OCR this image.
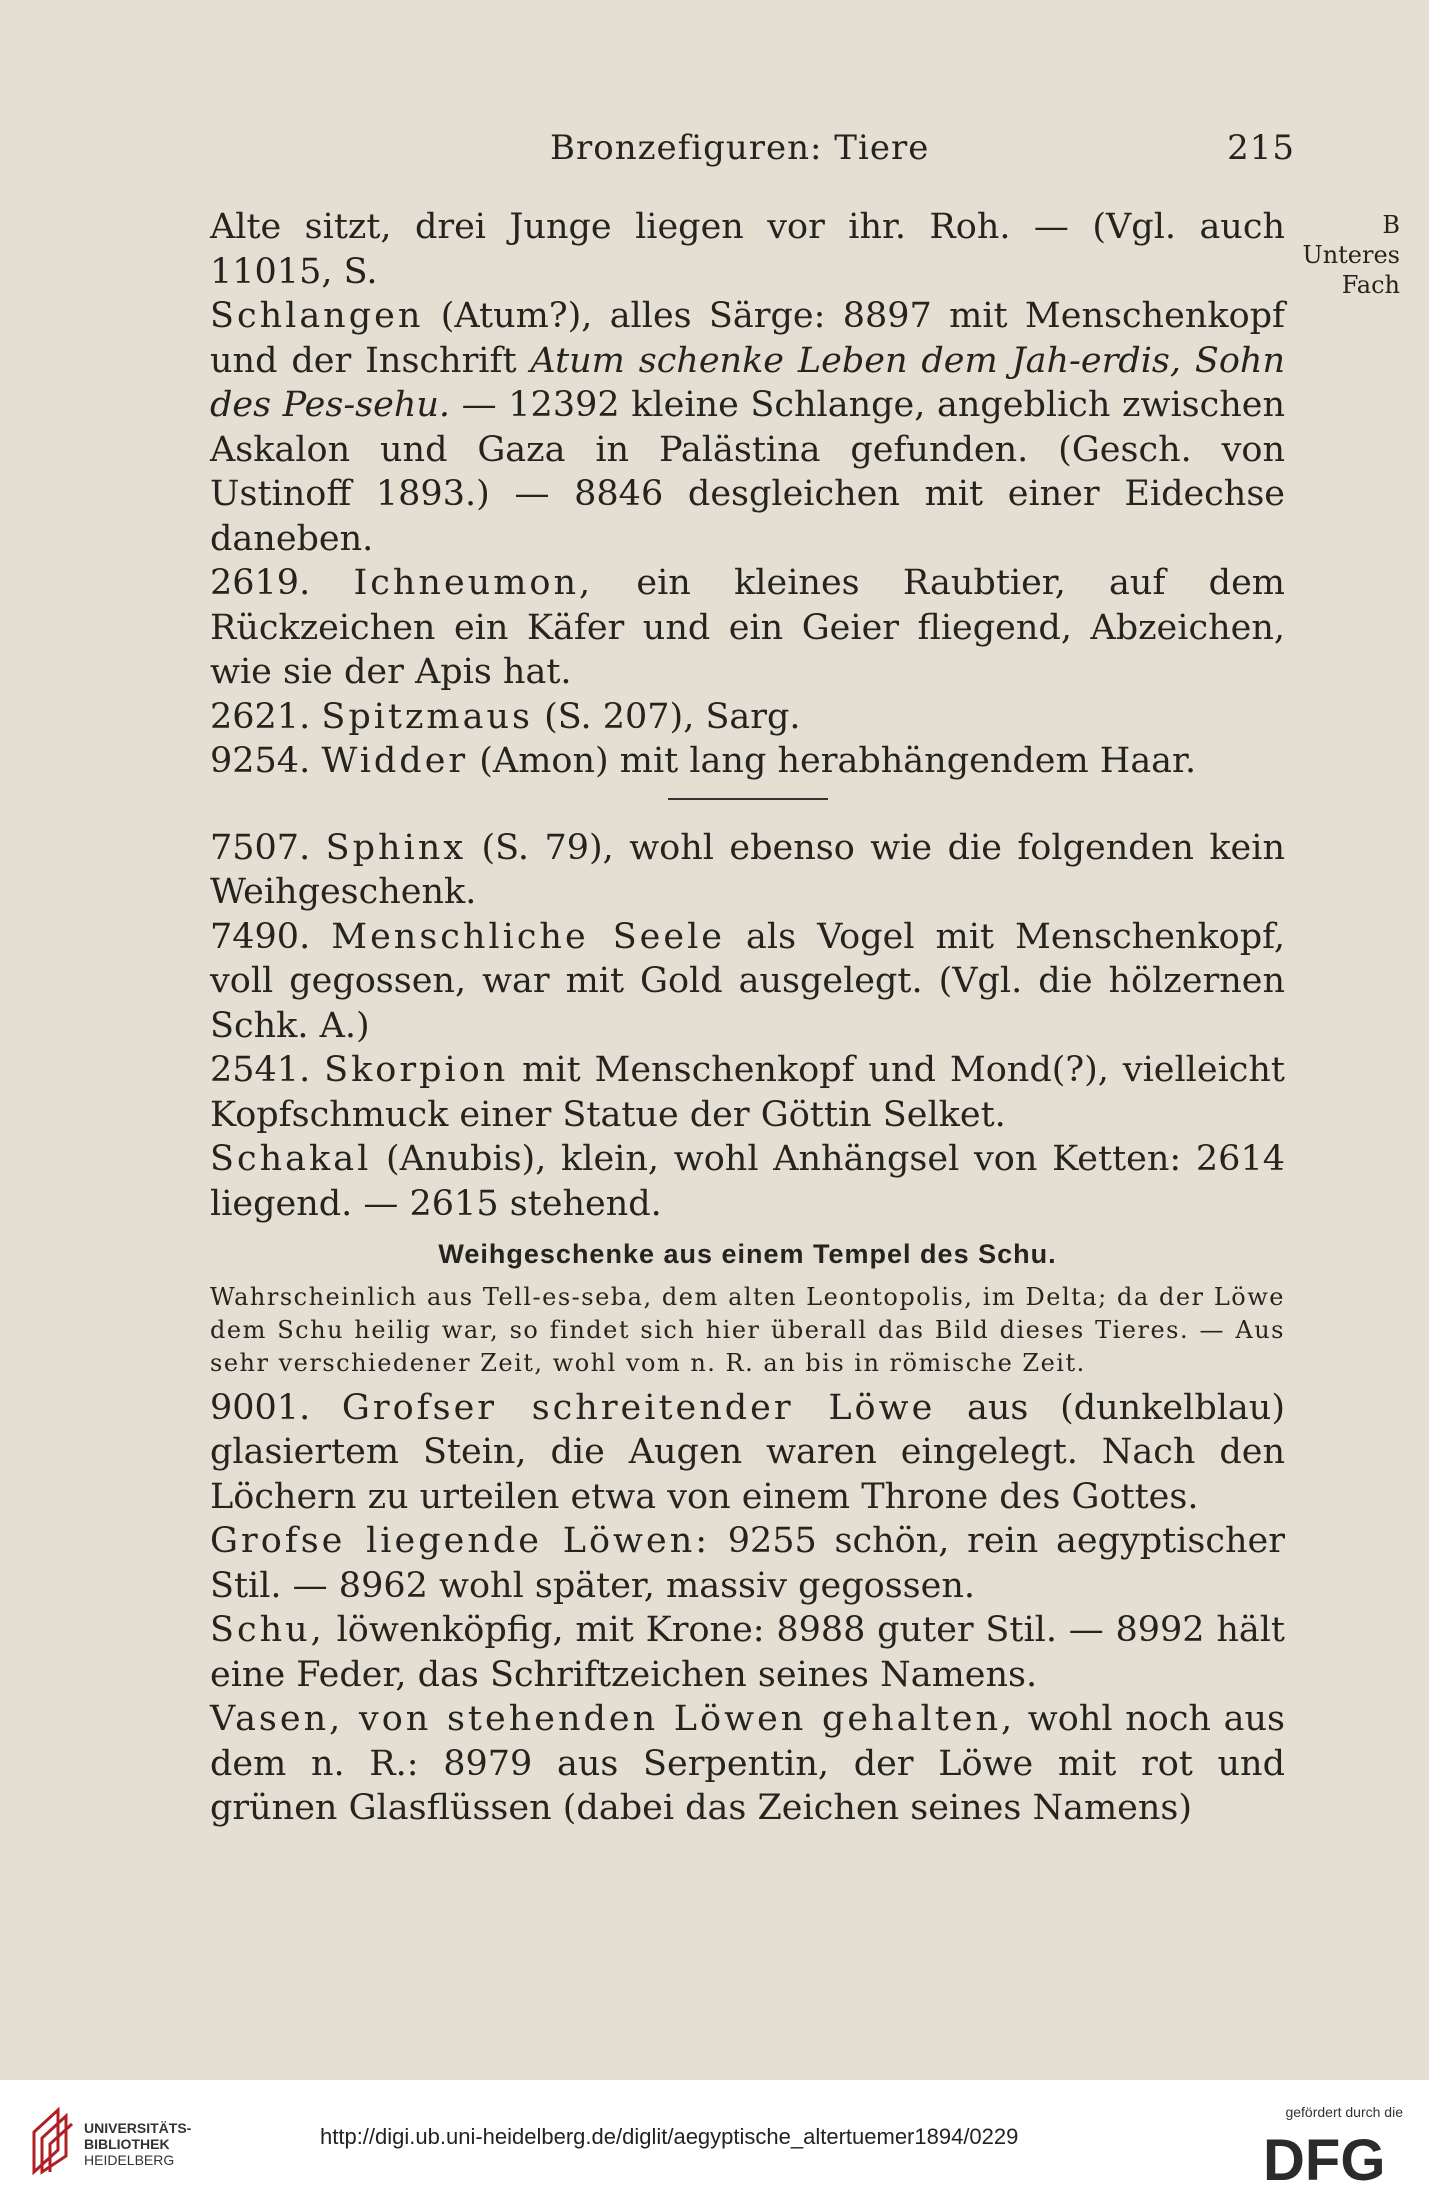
Bronzefiguren: Tiere	215
B
Unteres
Fach

Alte sitzt, drei Junge liegen vor ihr. Roh. — (Vgl. auch 11015, S.

Schlangen (Atum?), alles Särge: 8897 mit Menschenkopf und der Inschrift Atum schenke Leben dem Jah-erdis, Sohn des Pes-sehu. — 12392 kleine Schlange, angeblich zwischen Askalon und Gaza in Palästina gefunden. (Gesch. von Ustinoff 1893.) — 8846 desgleichen mit einer Eidechse daneben.

2619. Ichneumon, ein kleines Raubtier, auf dem Rückzeichen ein Käfer und ein Geier fliegend, Abzeichen, wie sie der Apis hat.

2621. Spitzmaus (S. 207), Sarg.

9254. Widder (Amon) mit lang herabhängendem Haar.

7507. Sphinx (S. 79), wohl ebenso wie die folgenden kein Weihgeschenk.

7490. Menschliche Seele als Vogel mit Menschenkopf, voll gegossen, war mit Gold ausgelegt. (Vgl. die hölzernen Schk. A.)

2541. Skorpion mit Menschenkopf und Mond(?), vielleicht Kopfschmuck einer Statue der Göttin Selket.

Schakal (Anubis), klein, wohl Anhängsel von Ketten: 2614 liegend. — 2615 stehend.

Weihgeschenke aus einem Tempel des Schu.
Wahrscheinlich aus Tell-es-seba, dem alten Leontopolis, im Delta; da der Löwe dem Schu heilig war, so findet sich hier überall das Bild dieses Tieres. — Aus sehr verschiedener Zeit, wohl vom n. R. an bis in römische Zeit.

9001. Grofser schreitender Löwe aus (dunkelblau) glasiertem Stein, die Augen waren eingelegt. Nach den Löchern zu urteilen etwa von einem Throne des Gottes.

Grofse liegende Löwen: 9255 schön, rein aegyptischer Stil. — 8962 wohl später, massiv gegossen.

Schu, löwenköpfig, mit Krone: 8988 guter Stil. — 8992 hält eine Feder, das Schriftzeichen seines Namens.

Vasen, von stehenden Löwen gehalten, wohl noch aus dem n. R.: 8979 aus Serpentin, der Löwe mit rot und grünen Glasflüssen (dabei das Zeichen seines Namens)

UNIVERSITÄTS-
BIBLIOTHEK
HEIDELBERG
http://digi.ub.uni-heidelberg.de/diglit/aegyptische_altertuemer1894/0229
gefördert durch die
DFG
